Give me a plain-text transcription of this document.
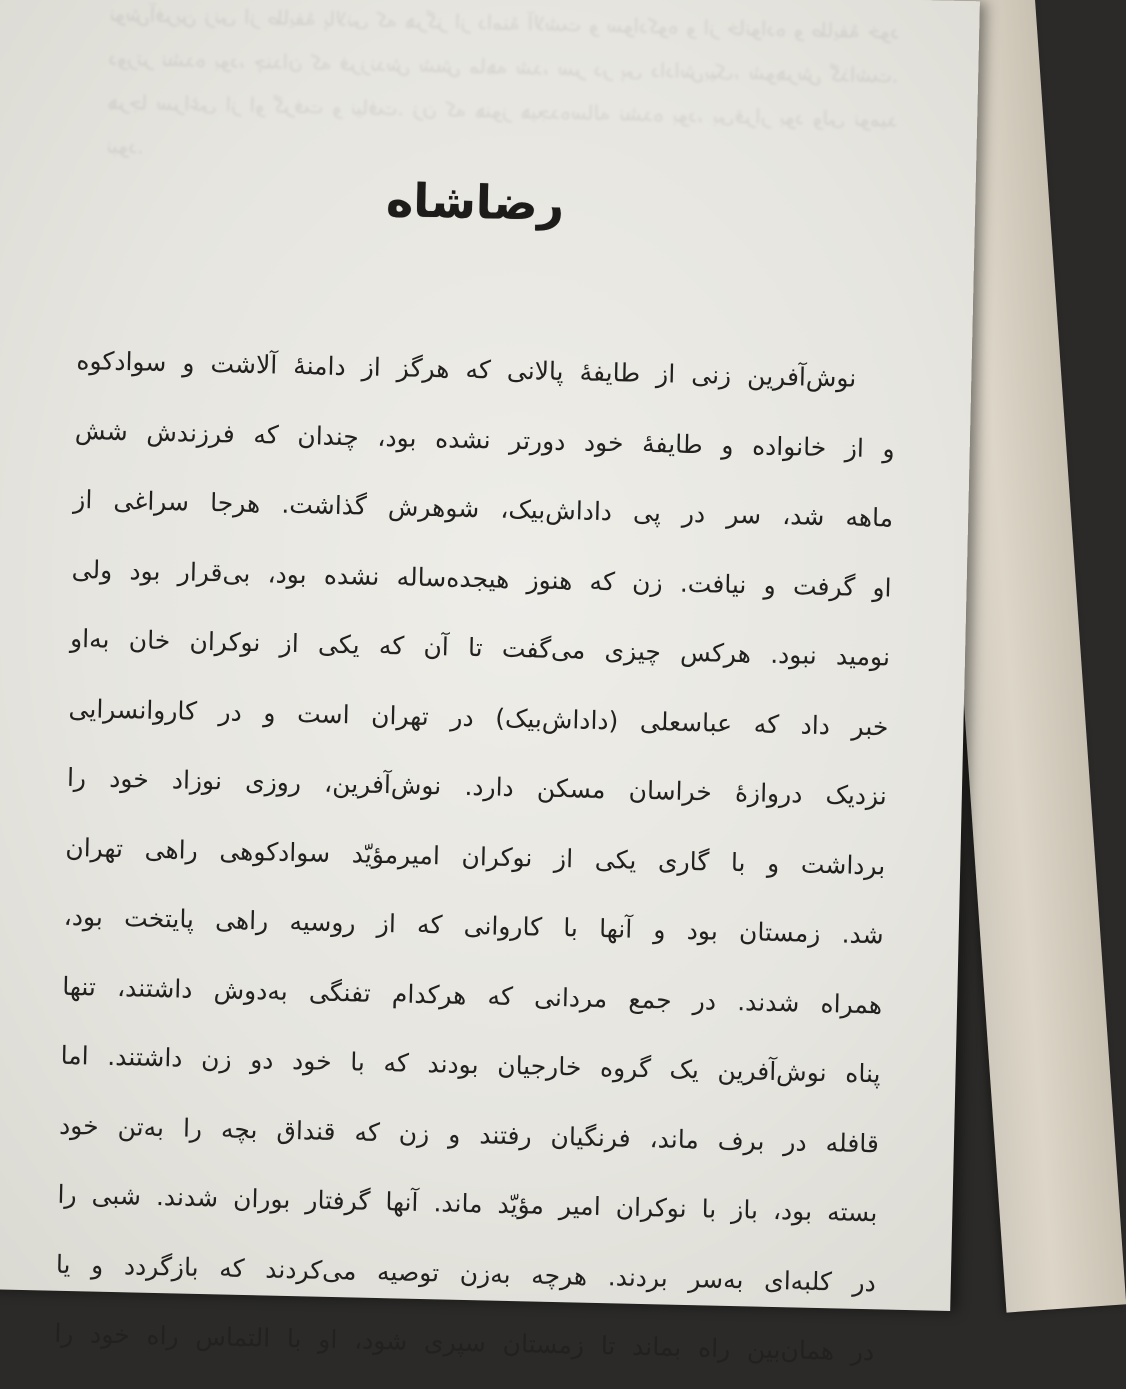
نوش‌آفرین زنی از طایفهٔ پالانی که هرگز از دامنهٔ آلاشت و سوادکوه و از خانواده و طایفهٔ خود دورتر نشده بود، چندان که فرزندش شش ماهه شد، سر در پی داداش‌بیک، شوهرش گذاشت. هرجا سراغی از او گرفت و نیافت. زن که هنوز هیجده‌ساله نشده بود، بی‌قرار بود ولی نومید نبود.
رضاشاه
نوش‌آفرین زنی از طایفهٔ پالانی که هرگز از دامنهٔ آلاشت و سوادکوه
و از خانواده و طایفهٔ خود دورتر نشده بود، چندان که فرزندش شش
ماهه شد، سر در پی داداش‌بیک، شوهرش گذاشت. هرجا سراغی از
او گرفت و نیافت. زن که هنوز هیجده‌ساله نشده بود، بی‌قرار بود ولی
نومید نبود. هرکس چیزی می‌گفت تا آن که یکی از نوکران خان به‌او
خبر داد که عباسعلی (داداش‌بیک) در تهران است و در کاروانسرایی
نزدیک دروازهٔ خراسان مسکن دارد. نوش‌آفرین، روزی نوزاد خود را
برداشت و با گاری یکی از نوکران امیرمؤیّد سوادکوهی راهی تهران
شد. زمستان بود و آنها با کاروانی که از روسیه راهی پایتخت بود،
همراه شدند. در جمع مردانی که هرکدام تفنگی به‌دوش داشتند، تنها
پناه نوش‌آفرین یک گروه خارجیان بودند که با خود دو زن داشتند. اما
قافله در برف ماند، فرنگیان رفتند و زن که قنداق بچه را به‌تن خود
بسته بود، باز با نوکران امیر مؤیّد ماند. آنها گرفتار بوران شدند. شبی را
در کلبه‌ای به‌سر بردند. هرچه به‌زن توصیه می‌کردند که بازگردد و یا
در همان‌بین راه بماند تا زمستان سپری شود، او با التماس راه خود را
